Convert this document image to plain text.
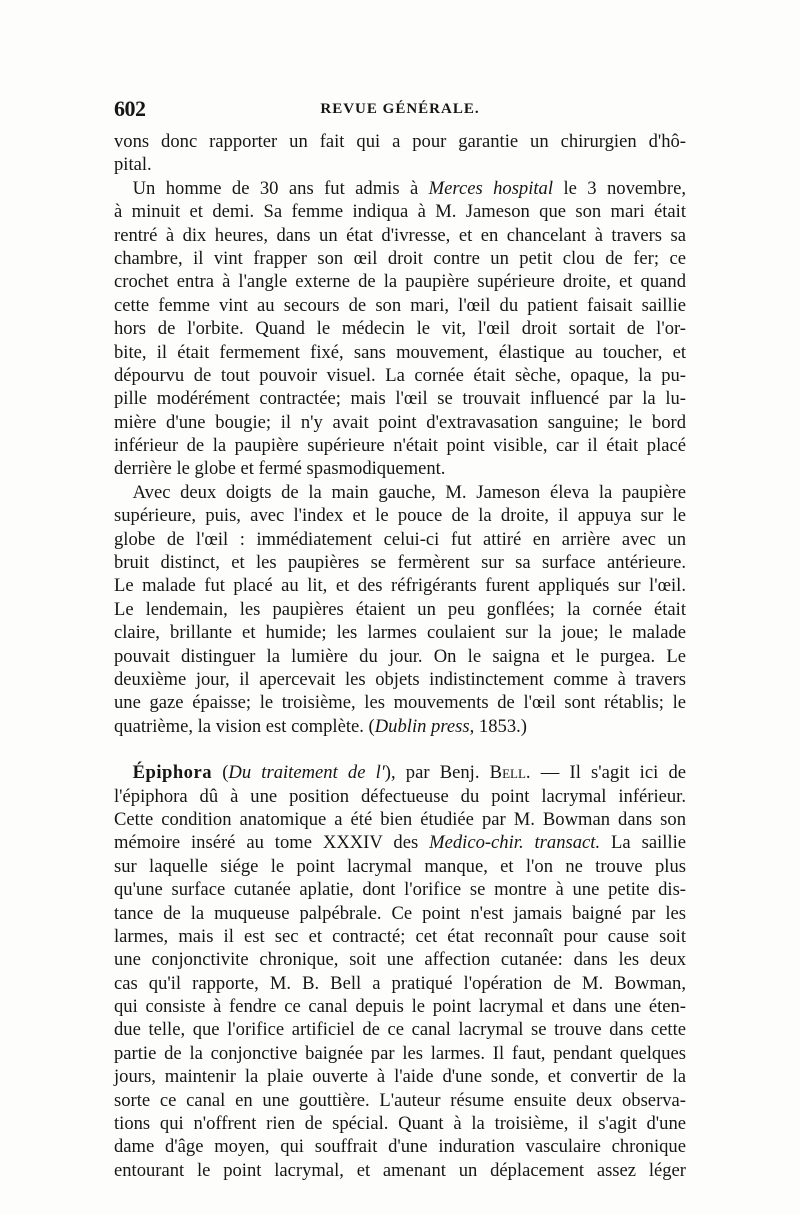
602	REVUE GÉNÉRALE.
vons donc rapporter un fait qui a pour garantie un chirurgien d'hô-
pital.
 Un homme de 30 ans fut admis à Merces hospital le 3 novembre,
à minuit et demi. Sa femme indiqua à M. Jameson que son mari était
rentré à dix heures, dans un état d'ivresse, et en chancelant à travers sa
chambre, il vint frapper son œil droit contre un petit clou de fer; ce
crochet entra à l'angle externe de la paupière supérieure droite, et quand
cette femme vint au secours de son mari, l'œil du patient faisait saillie
hors de l'orbite. Quand le médecin le vit, l'œil droit sortait de l'or-
bite, il était fermement fixé, sans mouvement, élastique au toucher, et
dépourvu de tout pouvoir visuel. La cornée était sèche, opaque, la pu-
pille modérément contractée; mais l'œil se trouvait influencé par la lu-
mière d'une bougie; il n'y avait point d'extravasation sanguine; le bord
inférieur de la paupière supérieure n'était point visible, car il était placé
derrière le globe et fermé spasmodiquement.
 Avec deux doigts de la main gauche, M. Jameson éleva la paupière
supérieure, puis, avec l'index et le pouce de la droite, il appuya sur le
globe de l'œil : immédiatement celui-ci fut attiré en arrière avec un
bruit distinct, et les paupières se fermèrent sur sa surface antérieure.
Le malade fut placé au lit, et des réfrigérants furent appliqués sur l'œil.
Le lendemain, les paupières étaient un peu gonflées; la cornée était
claire, brillante et humide; les larmes coulaient sur la joue; le malade
pouvait distinguer la lumière du jour. On le saigna et le purgea. Le
deuxième jour, il apercevait les objets indistinctement comme à travers
une gaze épaisse; le troisième, les mouvements de l'œil sont rétablis; le
quatrième, la vision est complète. (Dublin press, 1853.)
 Épiphora (Du traitement de l'), par Benj. Bell. — Il s'agit ici de
l'épiphora dû à une position défectueuse du point lacrymal inférieur.
Cette condition anatomique a été bien étudiée par M. Bowman dans son
mémoire inséré au tome XXXIV des Medico-chir. transact. La saillie
sur laquelle siége le point lacrymal manque, et l'on ne trouve plus
qu'une surface cutanée aplatie, dont l'orifice se montre à une petite dis-
tance de la muqueuse palpébrale. Ce point n'est jamais baigné par les
larmes, mais il est sec et contracté; cet état reconnaît pour cause soit
une conjonctivite chronique, soit une affection cutanée: dans les deux
cas qu'il rapporte, M. B. Bell a pratiqué l'opération de M. Bowman,
qui consiste à fendre ce canal depuis le point lacrymal et dans une éten-
due telle, que l'orifice artificiel de ce canal lacrymal se trouve dans cette
partie de la conjonctive baignée par les larmes. Il faut, pendant quelques
jours, maintenir la plaie ouverte à l'aide d'une sonde, et convertir de la
sorte ce canal en une gouttière. L'auteur résume ensuite deux observa-
tions qui n'offrent rien de spécial. Quant à la troisième, il s'agit d'une
dame d'âge moyen, qui souffrait d'une induration vasculaire chronique
entourant le point lacrymal, et amenant un déplacement assez léger
